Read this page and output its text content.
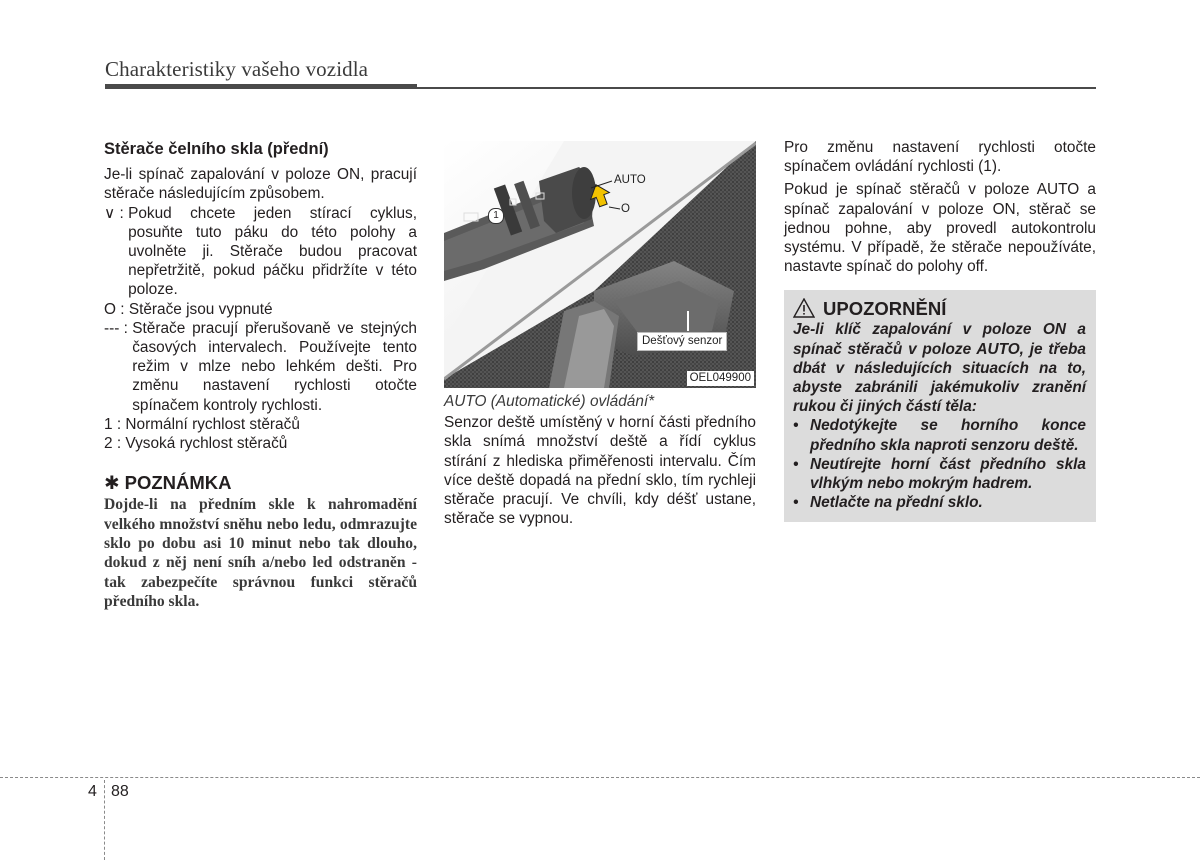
Charakteristiky vašeho vozidla

Stěrače čelního skla (přední)

Je-li spínač zapalování v poloze ON, pracují stěrače následujícím způsobem.

∨ : Pokud chcete jeden stírací cyklus, posuňte tuto páku do této polohy a uvolněte ji. Stěrače budou pracovat nepřetržitě, pokud páčku přidržíte v této poloze.
O : Stěrače jsou vypnuté
--- : Stěrače pracují přerušovaně ve stejných časových intervalech. Používejte tento režim v mlze nebo lehkém dešti. Pro změnu nastavení rychlosti otočte spínačem kontroly rychlosti.
1 : Normální rychlost stěračů
2 : Vysoká rychlost stěračů

✱ POZNÁMKA

Dojde-li na předním skle k nahromadění velkého množství sněhu nebo ledu, odmrazujte sklo po dobu asi 10 minut nebo tak dlouho, dokud z něj není sníh a/nebo led odstraněn - tak zabezpečíte správnou funkci stěračů předního skla.

AUTO
O
1
Dešťový senzor
OEL049900

AUTO (Automatické) ovládání*

Senzor deště umístěný v horní části předního skla snímá množství deště a řídí cyklus stírání z hlediska přiměřenosti intervalu. Čím více deště dopadá na přední sklo, tím rychleji stěrače pracují. Ve chvíli, kdy déšť ustane, stěrače se vypnou.

Pro změnu nastavení rychlosti otočte spínačem ovládání rychlosti (1).

Pokud je spínač stěračů v poloze AUTO a spínač zapalování v poloze ON, stěrač se jednou pohne, aby provedl autokontrolu systému. V případě, že stěrače nepoužíváte, nastavte spínač do polohy off.

UPOZORNĚNÍ

Je-li klíč zapalování v poloze ON a spínač stěračů v poloze AUTO, je třeba dbát v následujících situacích na to, abyste zabránili jakémukoliv zranění rukou či jiných částí těla:

• Nedotýkejte se horního konce předního skla naproti senzoru deště.
• Neutírejte horní část předního skla vlhkým nebo mokrým hadrem.
• Netlačte na přední sklo.
4 88
